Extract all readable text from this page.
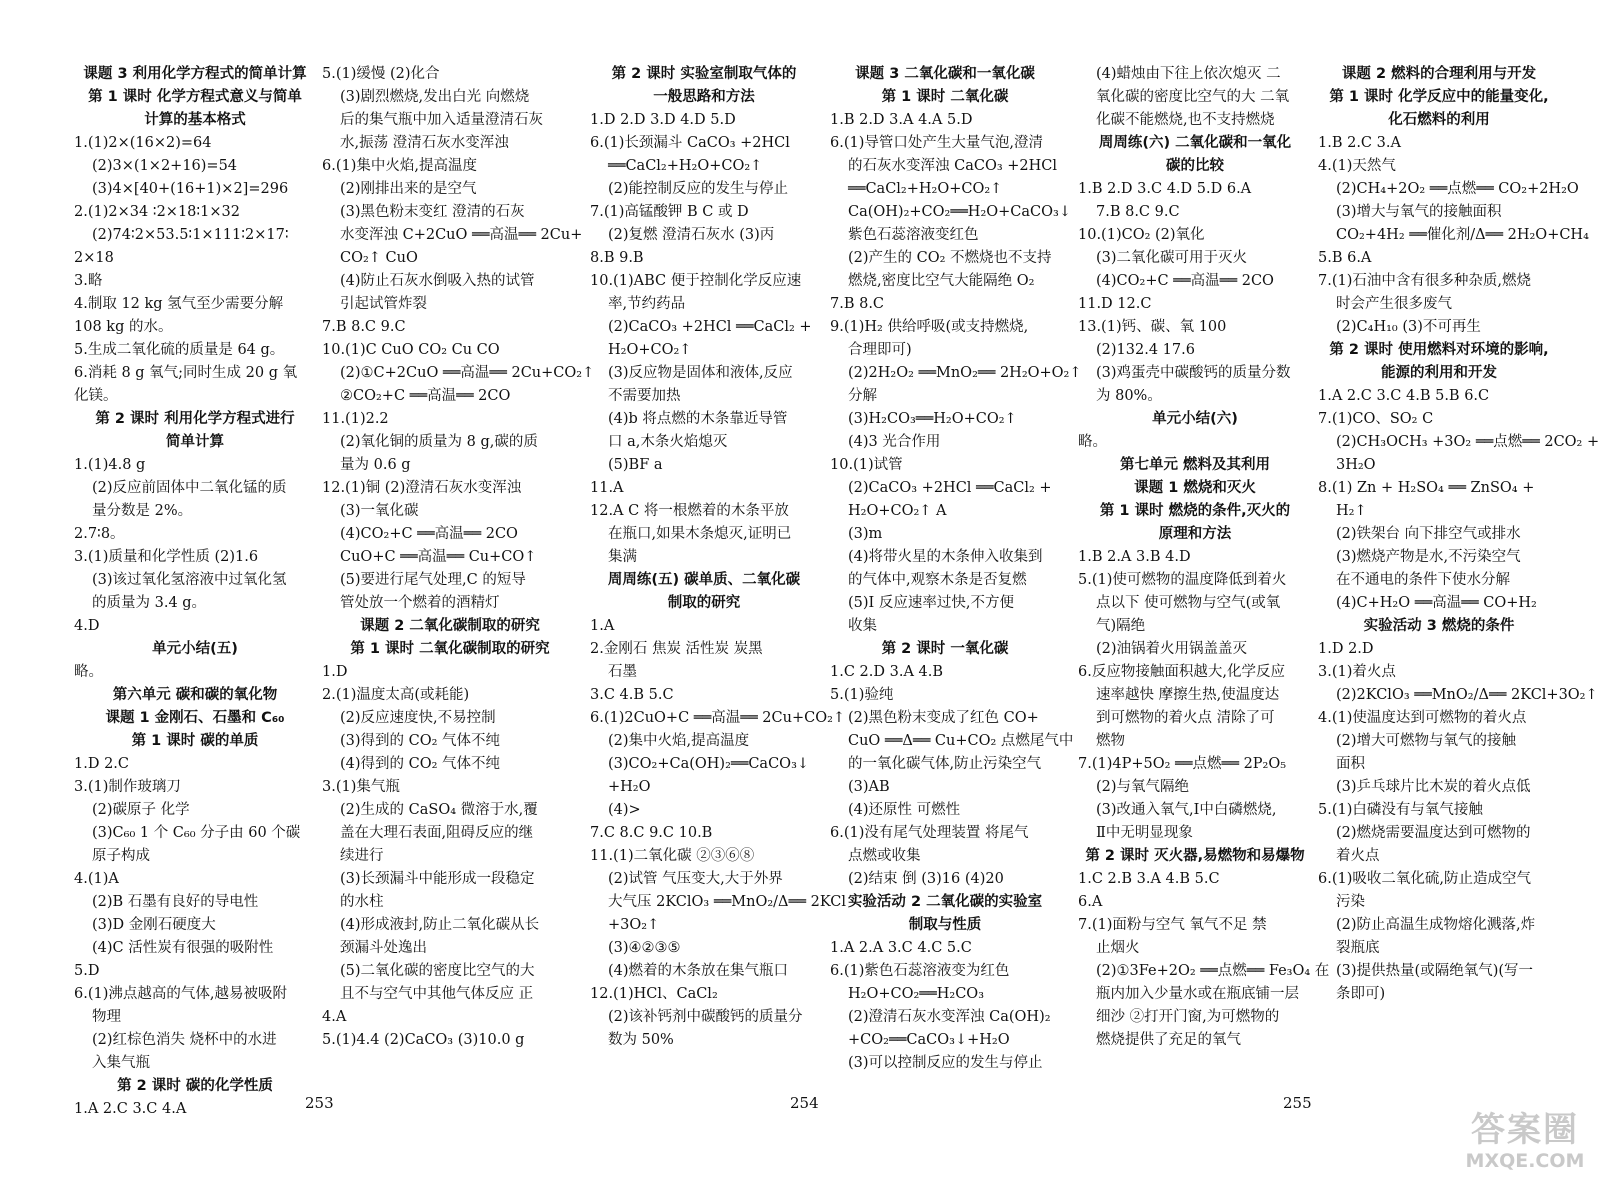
课题 3 利用化学方程式的简单计算
第 1 课时 化学方程式意义与简单
计算的基本格式
1.(1)2×(16×2)=64
(2)3×(1×2+16)=54
(3)4×[40+(16+1)×2]=296
2.(1)2×34 ∶2×18∶1×32
(2)74∶2×53.5∶1×111∶2×17∶
2×18
3.略
4.制取 12 kg 氢气至少需要分解
108 kg 的水。
5.生成二氧化硫的质量是 64 g。
6.消耗 8 g 氧气;同时生成 20 g 氧
化镁。
第 2 课时 利用化学方程式进行
简单计算
1.(1)4.8 g
(2)反应前固体中二氧化锰的质
量分数是 2%。
2.7∶8。
3.(1)质量和化学性质 (2)1.6
(3)该过氧化氢溶液中过氧化氢
的质量为 3.4 g。
4.D
单元小结(五)
略。
第六单元 碳和碳的氧化物
课题 1 金刚石、石墨和 C₆₀
第 1 课时 碳的单质
1.D 2.C
3.(1)制作玻璃刀
(2)碳原子 化学
(3)C₆₀ 1 个 C₆₀ 分子由 60 个碳
原子构成
4.(1)A
(2)B 石墨有良好的导电性
(3)D 金刚石硬度大
(4)C 活性炭有很强的吸附性
5.D
6.(1)沸点越高的气体,越易被吸附
物理
(2)红棕色消失 烧杯中的水进
入集气瓶
第 2 课时 碳的化学性质
1.A 2.C 3.C 4.A
5.(1)缓慢 (2)化合
(3)剧烈燃烧,发出白光 向燃烧
后的集气瓶中加入适量澄清石灰
水,振荡 澄清石灰水变浑浊
6.(1)集中火焰,提高温度
(2)刚排出来的是空气
(3)黑色粉末变红 澄清的石灰
水变浑浊 C+2CuO ══高温══ 2Cu+
CO₂↑ CuO
(4)防止石灰水倒吸入热的试管
引起试管炸裂
7.B 8.C 9.C
10.(1)C CuO CO₂ Cu CO
(2)①C+2CuO ══高温══ 2Cu+CO₂↑
②CO₂+C ══高温══ 2CO
11.(1)2.2
(2)氧化铜的质量为 8 g,碳的质
量为 0.6 g
12.(1)铜 (2)澄清石灰水变浑浊
(3)一氧化碳
(4)CO₂+C ══高温══ 2CO
CuO+C ══高温══ Cu+CO↑
(5)要进行尾气处理,C 的短导
管处放一个燃着的酒精灯
课题 2 二氧化碳制取的研究
第 1 课时 二氧化碳制取的研究
1.D
2.(1)温度太高(或耗能)
(2)反应速度快,不易控制
(3)得到的 CO₂ 气体不纯
(4)得到的 CO₂ 气体不纯
3.(1)集气瓶
(2)生成的 CaSO₄ 微溶于水,覆
盖在大理石表面,阻碍反应的继
续进行
(3)长颈漏斗中能形成一段稳定
的水柱
(4)形成液封,防止二氧化碳从长
颈漏斗处逸出
(5)二氧化碳的密度比空气的大
且不与空气中其他气体反应 正
4.A
5.(1)4.4 (2)CaCO₃ (3)10.0 g
第 2 课时 实验室制取气体的
一般思路和方法
1.D 2.D 3.D 4.D 5.D
6.(1)长颈漏斗 CaCO₃ +2HCl
══CaCl₂+H₂O+CO₂↑
(2)能控制反应的发生与停止
7.(1)高锰酸钾 B C 或 D
(2)复燃 澄清石灰水 (3)丙
8.B 9.B
10.(1)ABC 便于控制化学反应速
率,节约药品
(2)CaCO₃ +2HCl ══CaCl₂ +
H₂O+CO₂↑
(3)反应物是固体和液体,反应
不需要加热
(4)b 将点燃的木条靠近导管
口 a,木条火焰熄灭
(5)BF a
11.A
12.A C 将一根燃着的木条平放
在瓶口,如果木条熄灭,证明已
集满
周周练(五) 碳单质、二氧化碳
制取的研究
1.A
2.金刚石 焦炭 活性炭 炭黑
石墨
3.C 4.B 5.C
6.(1)2CuO+C ══高温══ 2Cu+CO₂↑
(2)集中火焰,提高温度
(3)CO₂+Ca(OH)₂══CaCO₃↓
+H₂O
(4)>
7.C 8.C 9.C 10.B
11.(1)二氧化碳 ②③⑥⑧
(2)试管 气压变大,大于外界
大气压 2KClO₃ ══MnO₂/Δ══ 2KCl
+3O₂↑
(3)④②③⑤
(4)燃着的木条放在集气瓶口
12.(1)HCl、CaCl₂
(2)该补钙剂中碳酸钙的质量分
数为 50%
课题 3 二氧化碳和一氧化碳
第 1 课时 二氧化碳
1.B 2.D 3.A 4.A 5.D
6.(1)导管口处产生大量气泡,澄清
的石灰水变浑浊 CaCO₃ +2HCl
══CaCl₂+H₂O+CO₂↑
Ca(OH)₂+CO₂══H₂O+CaCO₃↓
紫色石蕊溶液变红色
(2)产生的 CO₂ 不燃烧也不支持
燃烧,密度比空气大能隔绝 O₂
7.B 8.C
9.(1)H₂ 供给呼吸(或支持燃烧,
合理即可)
(2)2H₂O₂ ══MnO₂══ 2H₂O+O₂↑
分解
(3)H₂CO₃══H₂O+CO₂↑
(4)3 光合作用
10.(1)试管
(2)CaCO₃ +2HCl ══CaCl₂ +
H₂O+CO₂↑ A
(3)m
(4)将带火星的木条伸入收集到
的气体中,观察木条是否复燃
(5)Ⅰ 反应速率过快,不方便
收集
第 2 课时 一氧化碳
1.C 2.D 3.A 4.B
5.(1)验纯
(2)黑色粉末变成了红色 CO+
CuO ══Δ══ Cu+CO₂ 点燃尾气中
的一氧化碳气体,防止污染空气
(3)AB
(4)还原性 可燃性
6.(1)没有尾气处理装置 将尾气
点燃或收集
(2)结束 倒 (3)16 (4)20
实验活动 2 二氧化碳的实验室
制取与性质
1.A 2.A 3.C 4.C 5.C
6.(1)紫色石蕊溶液变为红色
H₂O+CO₂══H₂CO₃
(2)澄清石灰水变浑浊 Ca(OH)₂
+CO₂══CaCO₃↓+H₂O
(3)可以控制反应的发生与停止
(4)蜡烛由下往上依次熄灭 二
氧化碳的密度比空气的大 二氧
化碳不能燃烧,也不支持燃烧
周周练(六) 二氧化碳和一氧化
碳的比较
1.B 2.D 3.C 4.D 5.D 6.A
7.B 8.C 9.C
10.(1)CO₂ (2)氧化
(3)二氧化碳可用于灭火
(4)CO₂+C ══高温══ 2CO
11.D 12.C
13.(1)钙、碳、氧 100
(2)132.4 17.6
(3)鸡蛋壳中碳酸钙的质量分数
为 80%。
单元小结(六)
略。
第七单元 燃料及其利用
课题 1 燃烧和灭火
第 1 课时 燃烧的条件,灭火的
原理和方法
1.B 2.A 3.B 4.D
5.(1)使可燃物的温度降低到着火
点以下 使可燃物与空气(或氧
气)隔绝
(2)油锅着火用锅盖盖灭
6.反应物接触面积越大,化学反应
速率越快 摩擦生热,使温度达
到可燃物的着火点 清除了可
燃物
7.(1)4P+5O₂ ══点燃══ 2P₂O₅
(2)与氧气隔绝
(3)改通入氧气,Ⅰ中白磷燃烧,
Ⅱ中无明显现象
第 2 课时 灭火器,易燃物和易爆物
1.C 2.B 3.A 4.B 5.C
6.A
7.(1)面粉与空气 氧气不足 禁
止烟火
(2)①3Fe+2O₂ ══点燃══ Fe₃O₄ 在
瓶内加入少量水或在瓶底铺一层
细沙 ②打开门窗,为可燃物的
燃烧提供了充足的氧气
课题 2 燃料的合理利用与开发
第 1 课时 化学反应中的能量变化,
化石燃料的利用
1.B 2.C 3.A
4.(1)天然气
(2)CH₄+2O₂ ══点燃══ CO₂+2H₂O
(3)增大与氧气的接触面积
CO₂+4H₂ ══催化剂/Δ══ 2H₂O+CH₄
5.B 6.A
7.(1)石油中含有很多种杂质,燃烧
时会产生很多废气
(2)C₄H₁₀ (3)不可再生
第 2 课时 使用燃料对环境的影响,
能源的利用和开发
1.A 2.C 3.C 4.B 5.B 6.C
7.(1)CO、SO₂ C
(2)CH₃OCH₃ +3O₂ ══点燃══ 2CO₂ +
3H₂O
8.(1) Zn + H₂SO₄ ══ ZnSO₄ +
H₂↑
(2)铁架台 向下排空气或排水
(3)燃烧产物是水,不污染空气
在不通电的条件下使水分解
(4)C+H₂O ══高温══ CO+H₂
实验活动 3 燃烧的条件
1.D 2.D
3.(1)着火点
(2)2KClO₃ ══MnO₂/Δ══ 2KCl+3O₂↑
4.(1)使温度达到可燃物的着火点
(2)增大可燃物与氧气的接触
面积
(3)乒乓球片比木炭的着火点低
5.(1)白磷没有与氧气接触
(2)燃烧需要温度达到可燃物的
着火点
6.(1)吸收二氧化硫,防止造成空气
污染
(2)防止高温生成物熔化溅落,炸
裂瓶底
(3)提供热量(或隔绝氧气)(写一
条即可)
253	254	255
答案圈
MXQE.COM
